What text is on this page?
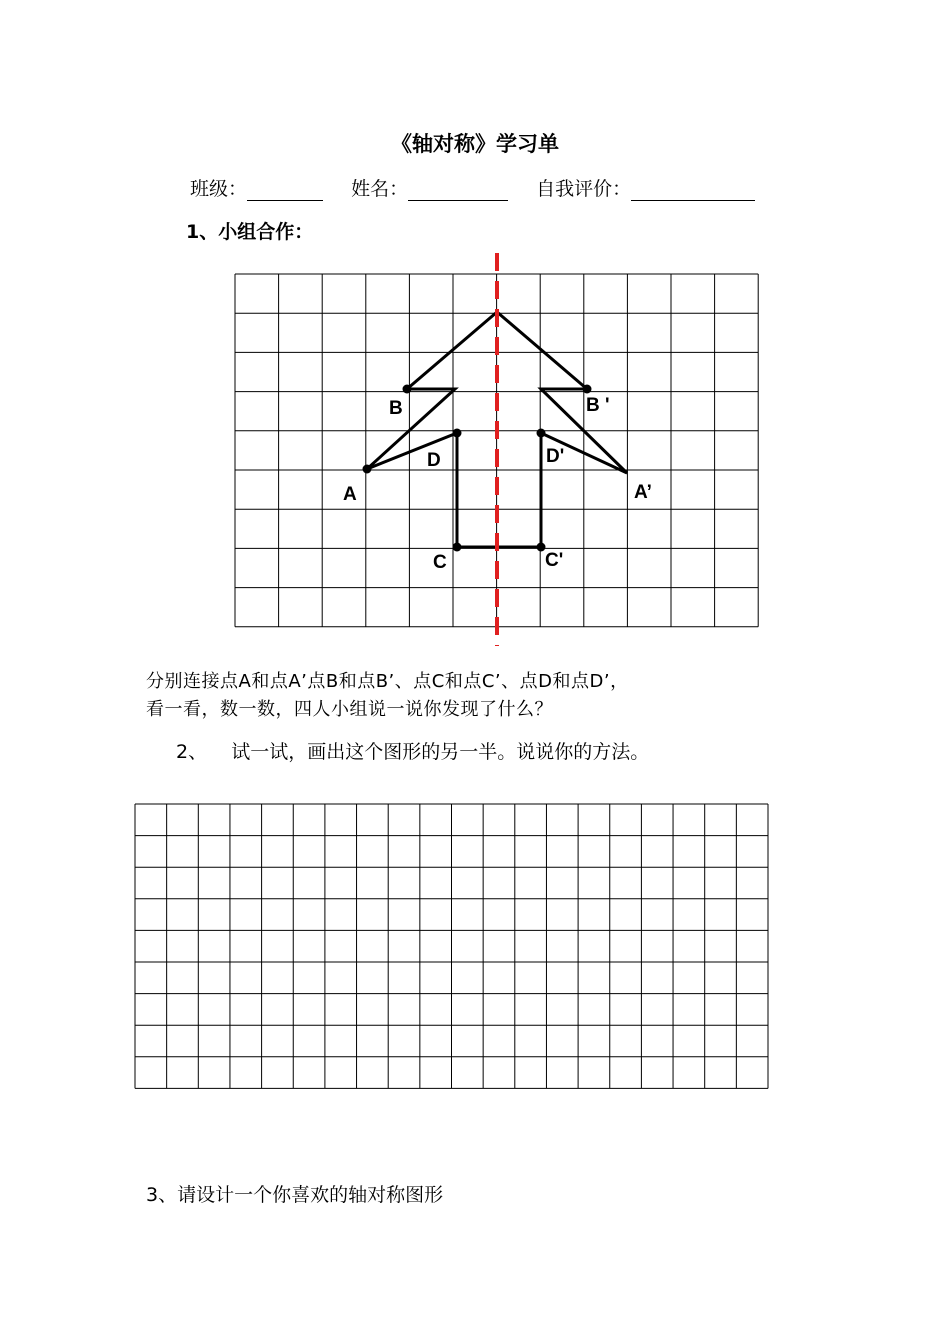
《轴对称》学习单
班级：	姓名：	自我评价：
1、小组合作：
B	B '
D	D'
A	A’
C	C'
分别连接点A和点A’点B和点B’、点C和点C’、点D和点D’，
看一看，数一数，四人小组说一说你发现了什么？
2、    试一试，画出这个图形的另一半。说说你的方法。
3、请设计一个你喜欢的轴对称图形
